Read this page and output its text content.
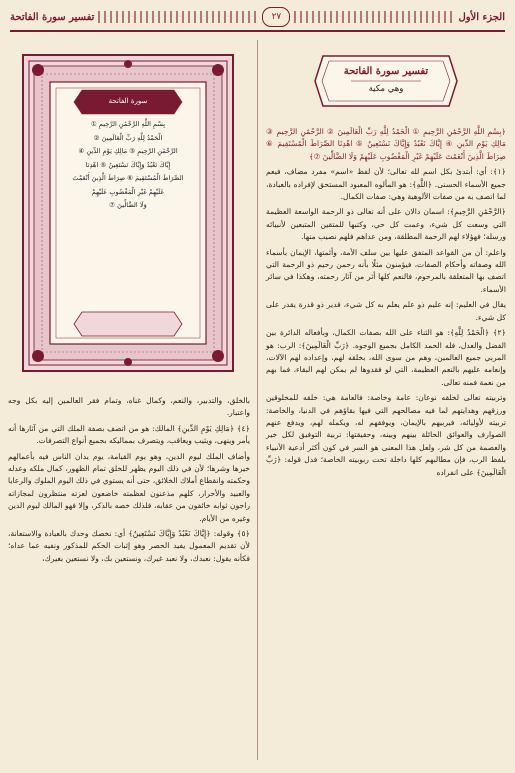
تفسير سورة الفاتحة	٢٧	الجزء الأول
تفسير سورة الفاتحة
وهي مكية

﴿بِسْمِ اللَّهِ الرَّحْمَٰنِ الرَّحِيمِ ① الْحَمْدُ لِلَّهِ رَبِّ الْعَالَمِينَ ② الرَّحْمَٰنِ الرَّحِيمِ ③ مَالِكِ يَوْمِ الدِّينِ ④ إِيَّاكَ نَعْبُدُ وَإِيَّاكَ نَسْتَعِينُ ⑤ اهْدِنَا الصِّرَاطَ الْمُسْتَقِيمَ ⑥ صِرَاطَ الَّذِينَ أَنْعَمْتَ عَلَيْهِمْ غَيْرِ الْمَغْضُوبِ عَلَيْهِمْ وَلَا الضَّالِّينَ ⑦﴾

﴿١﴾: أي: أبتدئ بكل اسم لله تعالى؛ لأن لفظ «اسم» مفرد مضاف، فيعم جميع الأسماء الحسنى. ﴿اللَّهِ﴾: هو المألوه المعبود المستحق لإفراده بالعبادة، لما اتصف به من صفات الألوهية وهي: صفات الكمال.

﴿الرَّحْمَٰنِ الرَّحِيمِ﴾: اسمان دالان على أنه تعالى ذو الرحمة الواسعة العظيمة التي وسعت كل شيء، وعمت كل حي، وكتبها للمتقين المتبعين لأنبيائه ورسله؛ فهؤلاء لهم الرحمة المطلقة، ومن عداهم فلهم نصيب منها.

واعلم: أن من القواعد المتفق عليها بين سلف الأمة، وأئمتها، الإيمان بأسماء الله وصفاته وأحكام الصفات، فيؤمنون مثلًا بأنه رحمن رحيم ذو الرحمة التي اتصف بها المتعلقة بالمرحوم، فالنعم كلها أثر من آثار رحمته، وهكذا في سائر الأسماء.

يقال في العليم: إنه عليم ذو علم يعلم به كل شيء، قدير ذو قدرة يقدر على كل شيء.

﴿٢﴾ ﴿الْحَمْدُ لِلَّهِ﴾: هو الثناء على الله بصفات الكمال، وبأفعاله الدائرة بين الفضل والعدل، فله الحمد الكامل بجميع الوجوه. ﴿رَبِّ الْعَالَمِينَ﴾: الرب: هو المربي جميع العالمين، وهم من سوى الله، بخلقه لهم، وإعداده لهم الآلات، وإنعامه عليهم بالنعم العظيمة، التي لو فقدوها لم يمكن لهم البقاء، فما بهم من نعمة فمنه تعالى.

وتربيته تعالى لخلقه نوعان: عامة وخاصة: فالعامة هي: خلقه للمخلوقين ورزقهم وهدايتهم لما فيه مصالحهم التي فيها بقاؤهم في الدنيا، والخاصة: تربيته لأوليائه، فيربيهم بالإيمان، ويوفقهم له، ويكمله لهم، ويدفع عنهم الصوارف والعوائق الحائلة بينهم وبينه، وحقيقتها: تربية التوفيق لكل خير والعصمة من كل شر، ولعل هذا المعنى هو السر في كون أكثر أدعية الأنبياء بلفظ الرب، فإن مطالبهم كلها داخلة تحت ربوبيته الخاصة؛ فدل قوله: ﴿رَبِّ الْعَالَمِينَ﴾ على انفراده

سورة الفاتحة
بِسْمِ اللَّهِ الرَّحْمَٰنِ الرَّحِيمِ ①
الْحَمْدُ لِلَّهِ رَبِّ الْعَالَمِينَ ②
الرَّحْمَٰنِ الرَّحِيمِ ③ مَالِكِ يَوْمِ الدِّينِ ④
إِيَّاكَ نَعْبُدُ وَإِيَّاكَ نَسْتَعِينُ ⑤ اهْدِنَا
الصِّرَاطَ الْمُسْتَقِيمَ ⑥ صِرَاطَ الَّذِينَ أَنْعَمْتَ
عَلَيْهِمْ غَيْرِ الْمَغْضُوبِ عَلَيْهِمْ
وَلَا الضَّالِّينَ ⑦

بالخلق، والتدبير، والنعم، وكمال غناه، وتمام فقر العالمين إليه بكل وجه واعتبار.

﴿٤﴾ ﴿مَالِكِ يَوْمِ الدِّينِ﴾ المالك: هو من اتصف بصفة الملك التي من آثارها أنه يأمر وينهى، ويثيب ويعاقب، ويتصرف بمماليكه بجميع أنواع التصرفات.

وأضاف الملك ليوم الدين، وهو يوم القيامة، يوم يدان الناس فيه بأعمالهم خيرها وشرها؛ لأن في ذلك اليوم يظهر للخلق تمام الظهور، كمال ملكه وعدله وحكمته وانقطاع أملاك الخلائق، حتى أنه يستوي في ذلك اليوم الملوك والرعايا والعبيد والأحرار، كلهم مذعنون لعظمته خاضعون لعزته منتظرون لمجازاته راجون ثوابه خائفون من عقابه، فلذلك خصه بالذكر، وإلا فهو المالك ليوم الدين وغيره من الأيام.

﴿٥﴾ وقوله: ﴿إِيَّاكَ نَعْبُدُ وَإِيَّاكَ نَسْتَعِينُ﴾ أي: نخصك وحدك بالعبادة والاستعانة، لأن تقديم المعمول يفيد الحصر وهو إثبات الحكم للمذكور ونفيه عما عداه؛ فكأنه يقول: نعبدك، ولا نعبد غيرك، ونستعين بك، ولا نستعين بغيرك،
